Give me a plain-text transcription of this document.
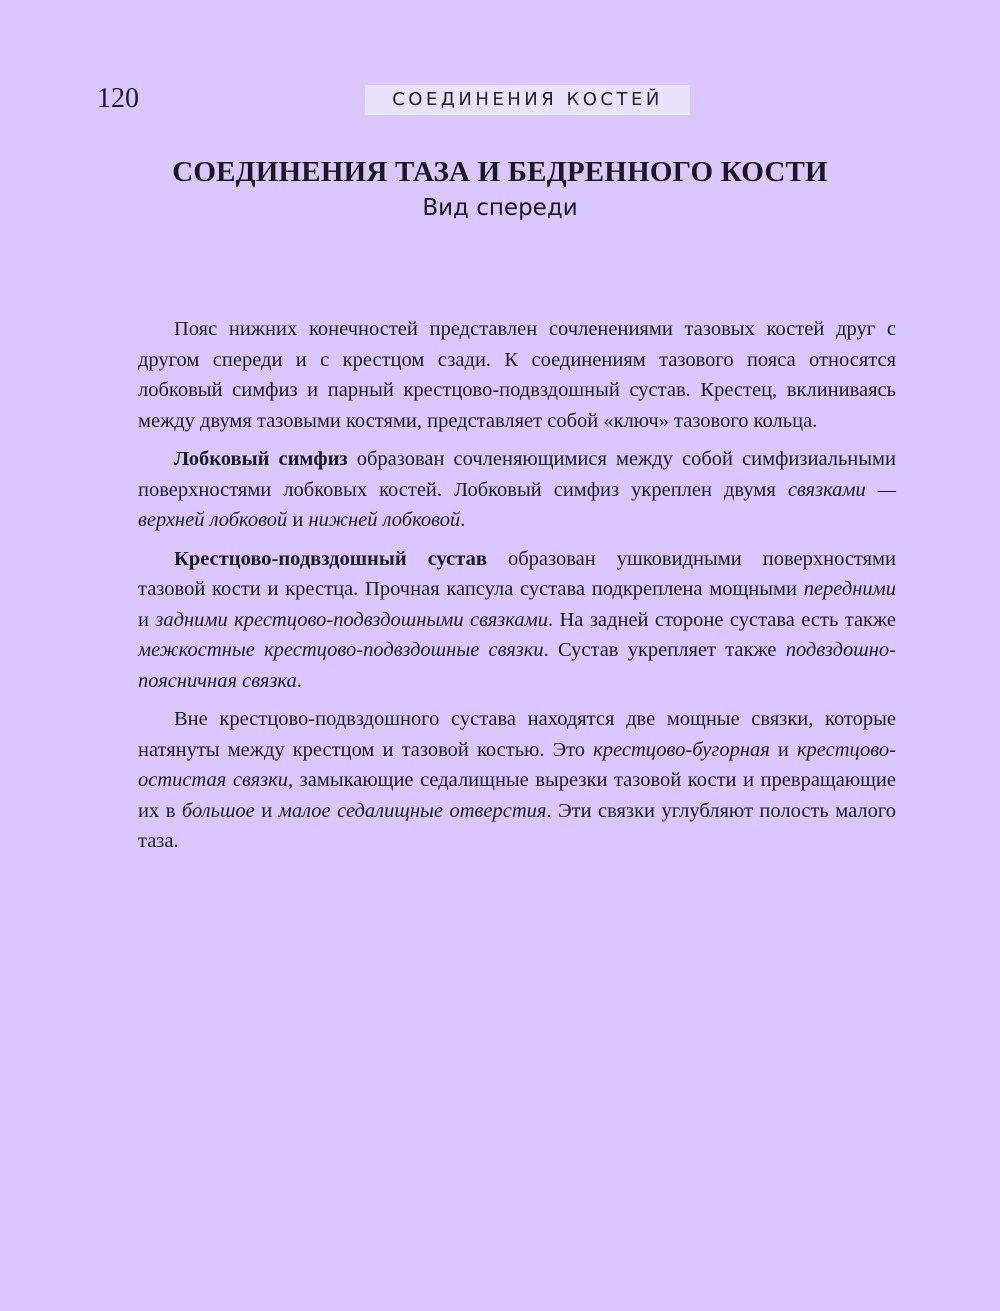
120	СОЕДИНЕНИЯ КОСТЕЙ
СОЕДИНЕНИЯ ТАЗА И БЕДРЕННОГО КОСТИ
Вид спереди

Пояс нижних конечностей представлен сочленениями тазовых костей друг с другом спереди и с крестцом сзади. К соединениям тазового пояса относятся лобковый симфиз и парный крестцово-подвздошный сустав. Крестец, вклиниваясь между двумя тазовыми костями, представляет собой «ключ» тазового кольца.

Лобковый симфиз образован сочленяющимися между собой симфизиальными поверхностями лобковых костей. Лобковый симфиз укреплен двумя связками — верхней лобковой и нижней лобковой.

Крестцово-подвздошный сустав образован ушковидными поверхностями тазовой кости и крестца. Прочная капсула сустава подкреплена мощными передними и задними крестцово-подвздошными связками. На задней стороне сустава есть также межкостные крестцово-подвздошные связки. Сустав укрепляет также подвздошно-поясничная связка.

Вне крестцово-подвздошного сустава находятся две мощные связки, которые натянуты между крестцом и тазовой костью. Это крестцово-бугорная и крестцово-остистая связки, замыкающие седалищные вырезки тазовой кости и превращающие их в большое и малое седалищные отверстия. Эти связки углубляют полость малого таза.
